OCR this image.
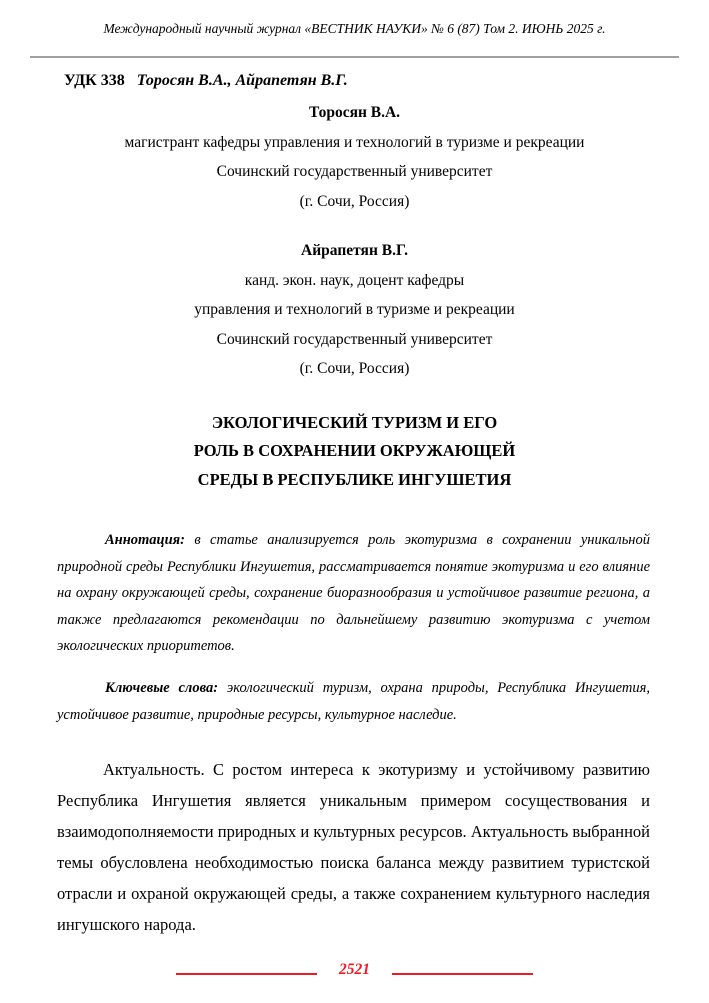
Международный научный журнал «ВЕСТНИК НАУКИ» № 6 (87) Том 2. ИЮНЬ 2025 г.
УДК 338 Торосян В.А., Айрапетян В.Г.
Торосян В.А.
магистрант кафедры управления и технологий в туризме и рекреации
Сочинский государственный университет
(г. Сочи, Россия)
Айрапетян В.Г.
канд. экон. наук, доцент кафедры
управления и технологий в туризме и рекреации
Сочинский государственный университет
(г. Сочи, Россия)
ЭКОЛОГИЧЕСКИЙ ТУРИЗМ И ЕГО
РОЛЬ В СОХРАНЕНИИ ОКРУЖАЮЩЕЙ
СРЕДЫ В РЕСПУБЛИКЕ ИНГУШЕТИЯ

Аннотация: в статье анализируется роль экотуризма в сохранении уникальной природной среды Республики Ингушетия, рассматривается понятие экотуризма и его влияние на охрану окружающей среды, сохранение биоразнообразия и устойчивое развитие региона, а также предлагаются рекомендации по дальнейшему развитию экотуризма с учетом экологических приоритетов.

Ключевые слова: экологический туризм, охрана природы, Республика Ингушетия, устойчивое развитие, природные ресурсы, культурное наследие.

Актуальность. С ростом интереса к экотуризму и устойчивому развитию Республика Ингушетия является уникальным примером сосуществования и взаимодополняемости природных и культурных ресурсов. Актуальность выбранной темы обусловлена необходимостью поиска баланса между развитием туристской отрасли и охраной окружающей среды, а также сохранением культурного наследия ингушского народа.

2521
